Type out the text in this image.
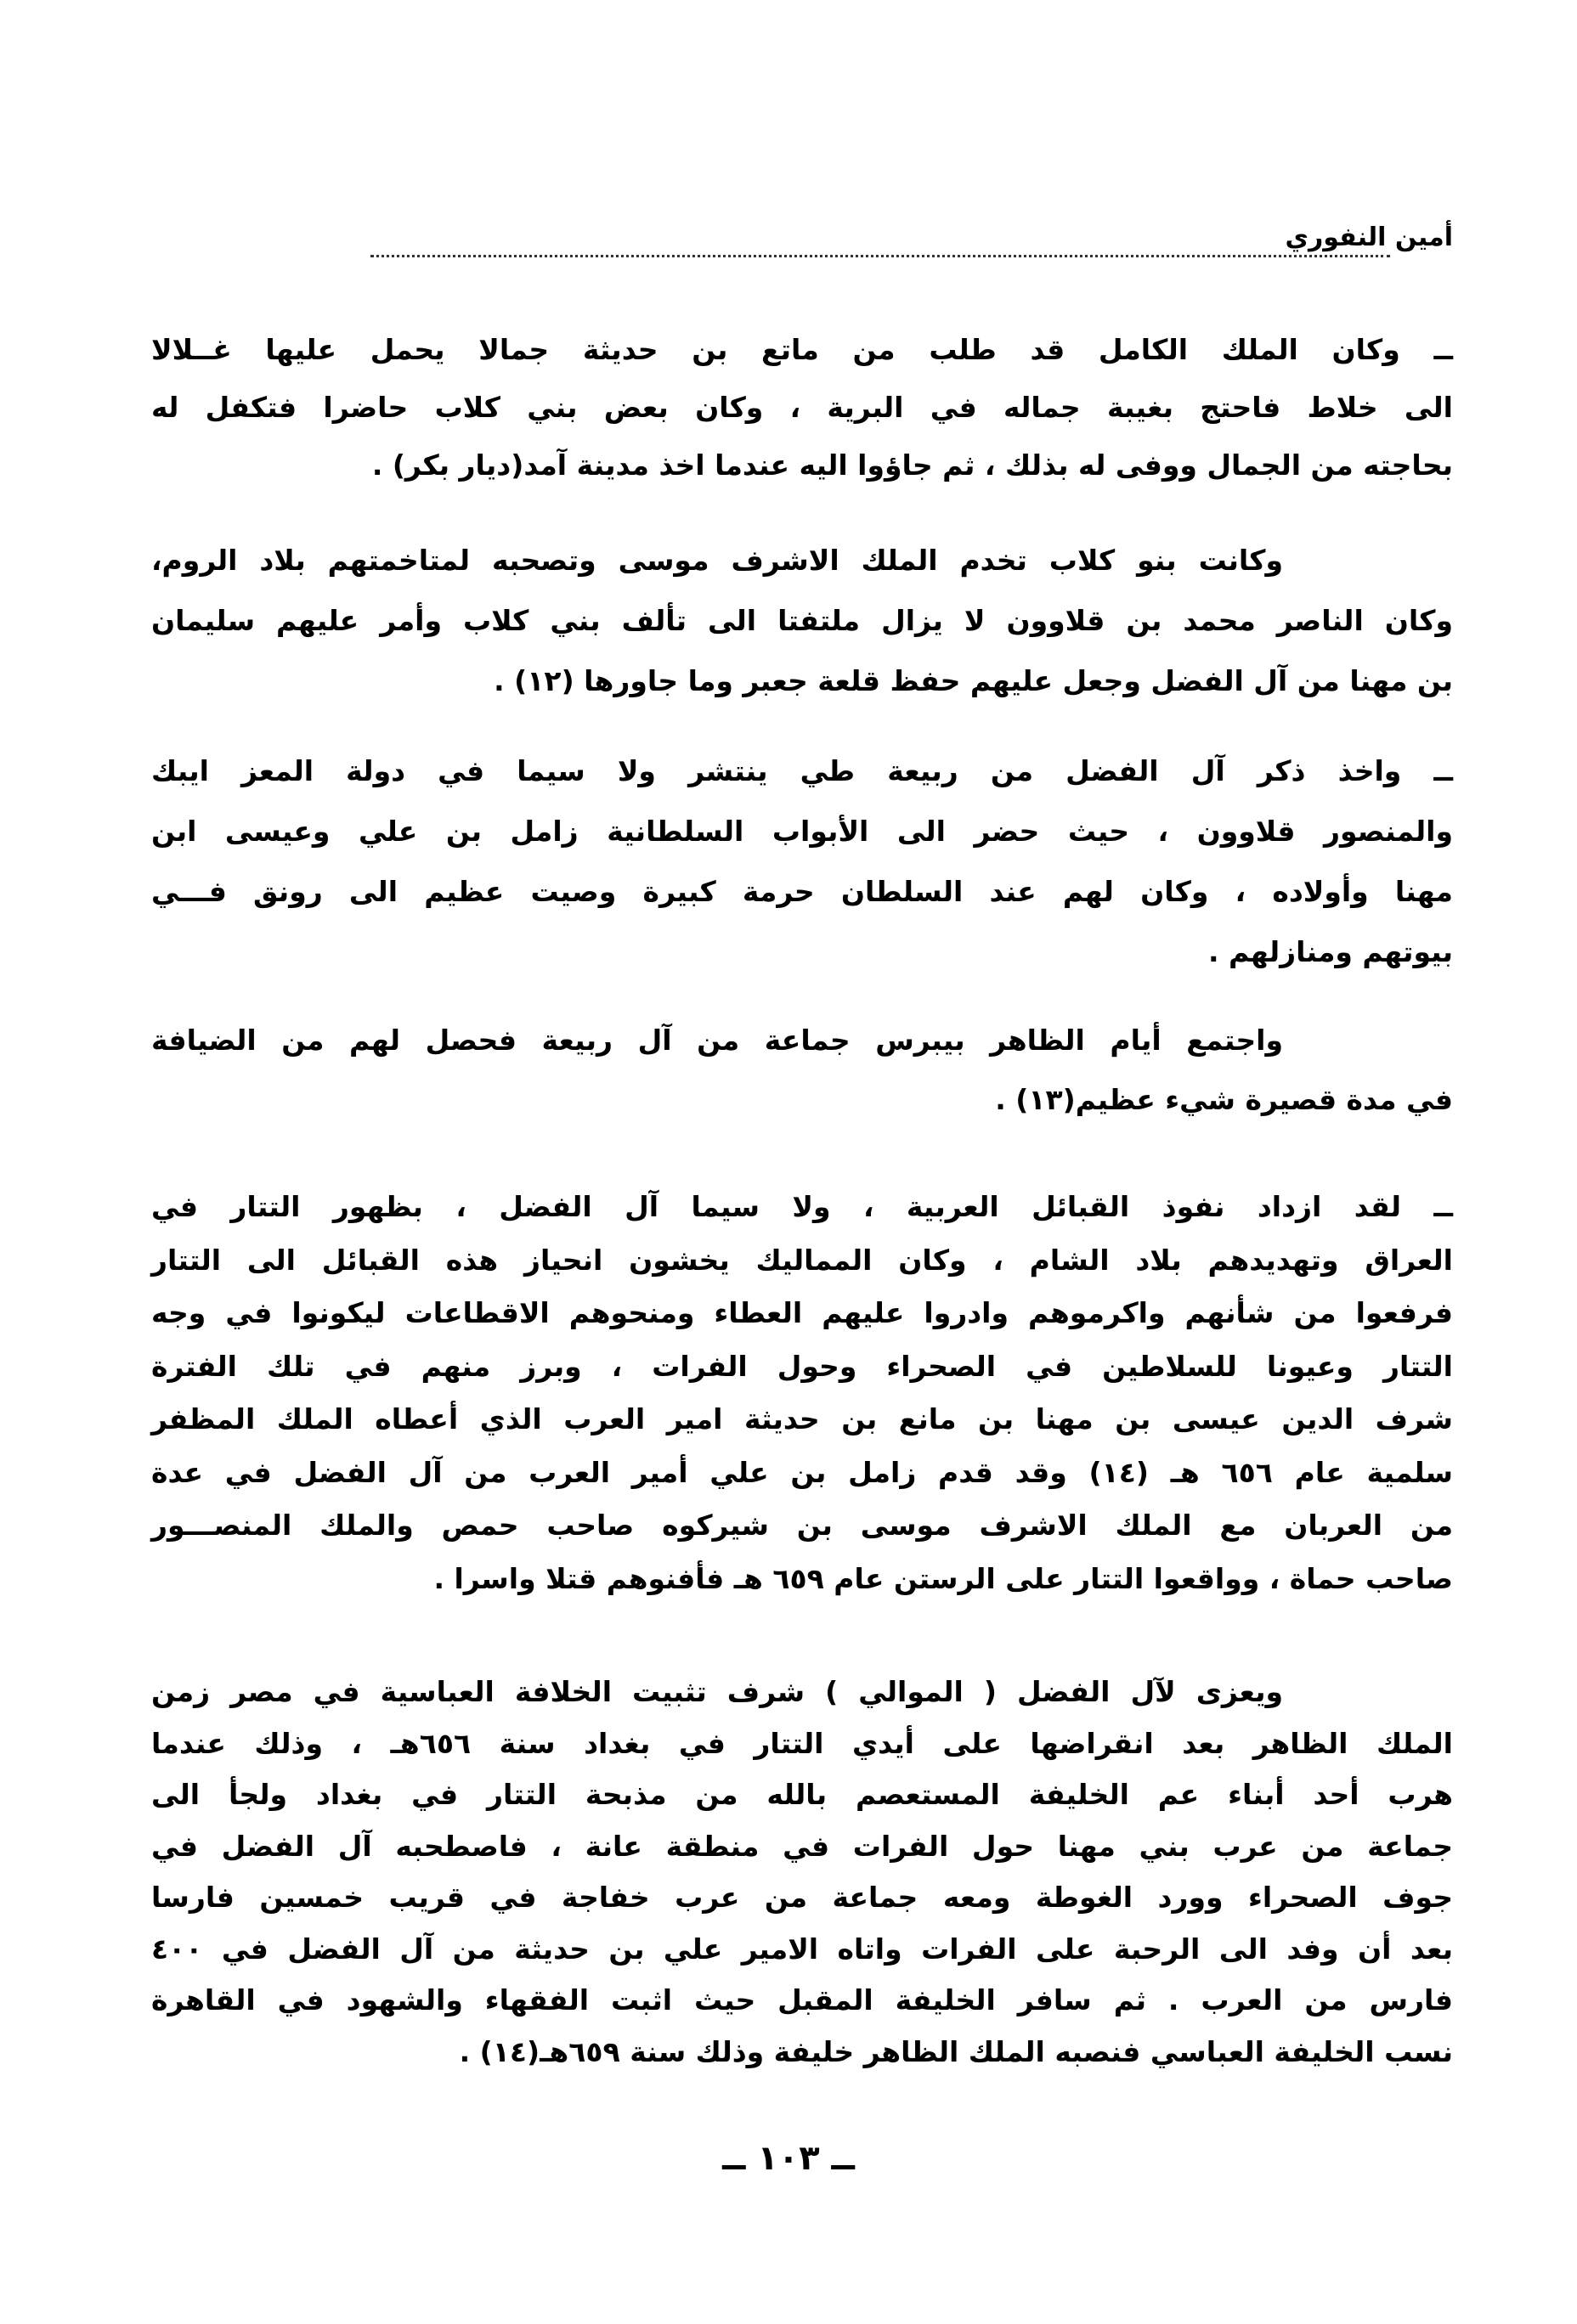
أمين النفوري
ــ وكان الملك الكامل قد طلب من ماتع بن حديثة جمالا يحمل عليها غــلالا
الى خلاط فاحتج بغيبة جماله في البرية ، وكان بعض بني كلاب حاضرا فتكفل له
بحاجته من الجمال ووفى له بذلك ، ثم جاؤوا اليه عندما اخذ مدينة آمد(ديار بكر) .
وكانت بنو كلاب تخدم الملك الاشرف موسى وتصحبه لمتاخمتهم بلاد الروم،
وكان الناصر محمد بن قلاوون لا يزال ملتفتا الى تألف بني كلاب وأمر عليهم سليمان
بن مهنا من آل الفضل وجعل عليهم حفظ قلعة جعبر وما جاورها (١٢) .
ــ واخذ ذكر آل الفضل من ربيعة طي ينتشر ولا سيما في دولة المعز ايبك
والمنصور قلاوون ، حيث حضر الى الأبواب السلطانية زامل بن علي وعيسى ابن
مهنا وأولاده ، وكان لهم عند السلطان حرمة كبيرة وصيت عظيم الى رونق فـــي
بيوتهم ومنازلهم .
واجتمع أيام الظاهر بيبرس جماعة من آل ربيعة فحصل لهم من الضيافة
في مدة قصيرة شيء عظيم(١٣) .
ــ لقد ازداد نفوذ القبائل العربية ، ولا سيما آل الفضل ، بظهور التتار في
العراق وتهديدهم بلاد الشام ، وكان المماليك يخشون انحياز هذه القبائل الى التتار
فرفعوا من شأنهم واكرموهم وادروا عليهم العطاء ومنحوهم الاقطاعات ليكونوا في وجه
التتار وعيونا للسلاطين في الصحراء وحول الفرات ، وبرز منهم في تلك الفترة
شرف الدين عيسى بن مهنا بن مانع بن حديثة امير العرب الذي أعطاه الملك المظفر
سلمية عام ٦٥٦ هـ (١٤) وقد قدم زامل بن علي أمير العرب من آل الفضل في عدة
من العربان مع الملك الاشرف موسى بن شيركوه صاحب حمص والملك المنصـــور
صاحب حماة ، وواقعوا التتار على الرستن عام ٦٥٩ هـ فأفنوهم قتلا واسرا .
ويعزى لآل الفضل ( الموالي ) شرف تثبيت الخلافة العباسية في مصر زمن
الملك الظاهر بعد انقراضها على أيدي التتار في بغداد سنة ٦٥٦هـ ، وذلك عندما
هرب أحد أبناء عم الخليفة المستعصم بالله من مذبحة التتار في بغداد ولجأ الى
جماعة من عرب بني مهنا حول الفرات في منطقة عانة ، فاصطحبه آل الفضل في
جوف الصحراء وورد الغوطة ومعه جماعة من عرب خفاجة في قريب خمسين فارسا
بعد أن وفد الى الرحبة على الفرات واتاه الامير علي بن حديثة من آل الفضل في ٤٠٠
فارس من العرب . ثم سافر الخليفة المقبل حيث اثبت الفقهاء والشهود في القاهرة
نسب الخليفة العباسي فنصبه الملك الظاهر خليفة وذلك سنة ٦٥٩هـ(١٤) .
ــ ١٠٣ ــ
